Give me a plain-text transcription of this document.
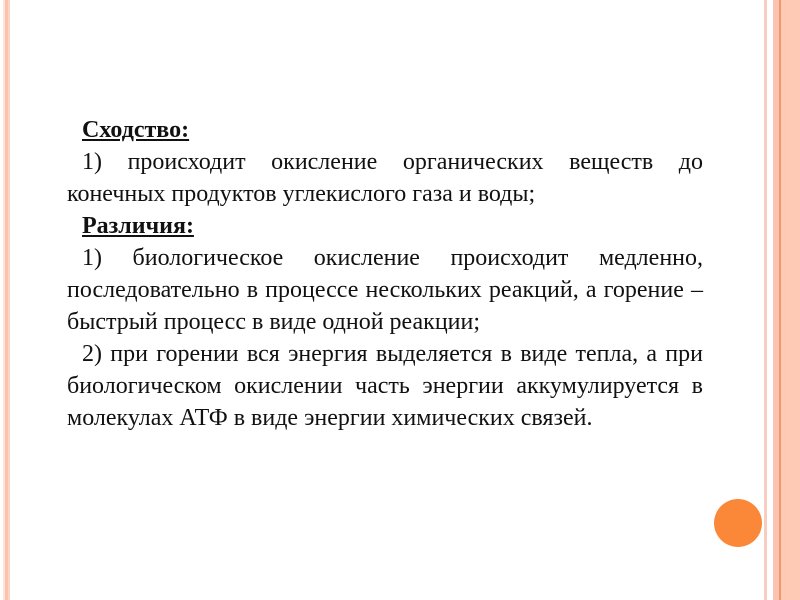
Сходство:
1) происходит окисление органических веществ до конечных продуктов углекислого газа и воды;
Различия:
1) биологическое окисление происходит медленно, последовательно в процессе нескольких реакций, а горение – быстрый процесс в виде одной реакции;
2) при горении вся энергия выделяется в виде тепла, а при биологическом окислении часть энергии аккумулируется в молекулах АТФ в виде энергии химических связей.
